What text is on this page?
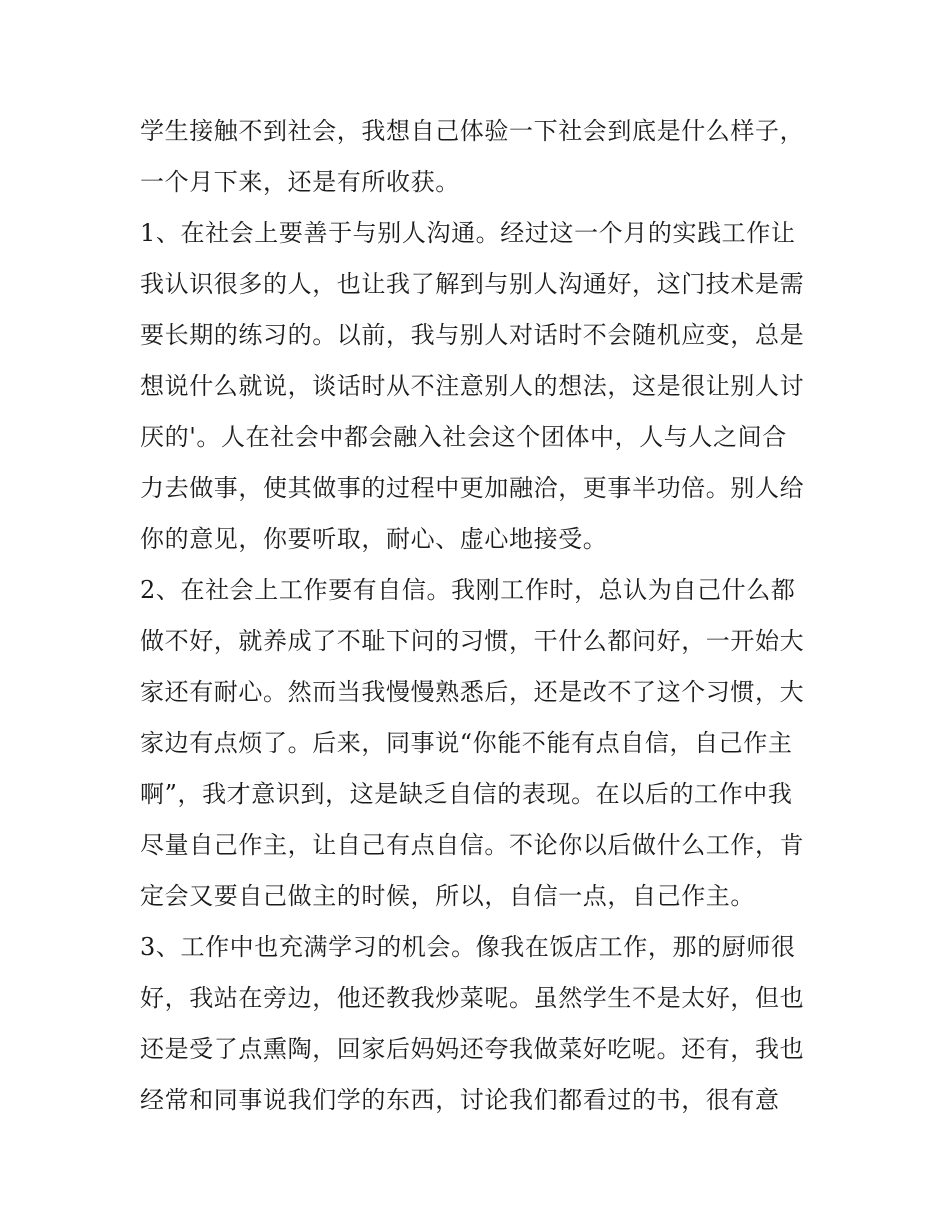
学生接触不到社会，我想自己体验一下社会到底是什么样子，
一个月下来，还是有所收获。
1、在社会上要善于与别人沟通。经过这一个月的实践工作让
我认识很多的人，也让我了解到与别人沟通好，这门技术是需
要长期的练习的。以前，我与别人对话时不会随机应变，总是
想说什么就说，谈话时从不注意别人的想法，这是很让别人讨
厌的'。人在社会中都会融入社会这个团体中，人与人之间合
力去做事，使其做事的过程中更加融洽，更事半功倍。别人给
你的意见，你要听取，耐心、虚心地接受。
2、在社会上工作要有自信。我刚工作时，总认为自己什么都
做不好，就养成了不耻下问的习惯，干什么都问好，一开始大
家还有耐心。然而当我慢慢熟悉后，还是改不了这个习惯，大
家边有点烦了。后来，同事说“你能不能有点自信，自己作主
啊”，我才意识到，这是缺乏自信的表现。在以后的工作中我
尽量自己作主，让自己有点自信。不论你以后做什么工作，肯
定会又要自己做主的时候，所以，自信一点，自己作主。
3、工作中也充满学习的机会。像我在饭店工作，那的厨师很
好，我站在旁边，他还教我炒菜呢。虽然学生不是太好，但也
还是受了点熏陶，回家后妈妈还夸我做菜好吃呢。还有，我也
经常和同事说我们学的东西，讨论我们都看过的书，很有意
